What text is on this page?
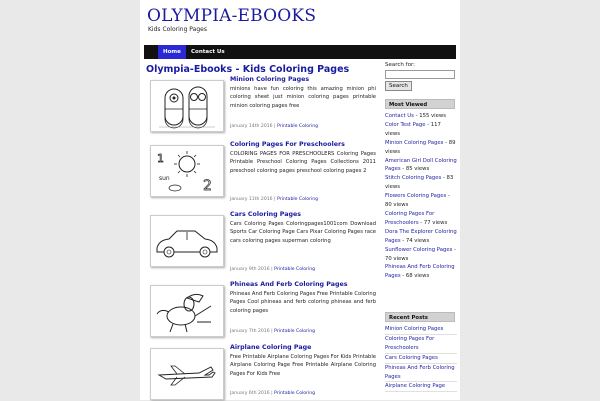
OLYMPIA-EBOOKS
Kids Coloring Pages
Home	Contact Us
Olympia-Ebooks - Kids Coloring Pages
Minion Coloring Pages
minions have fun coloring this amazing minion phi coloring sheet just minion coloring pages printable minion coloring pages free
January 14th 2016 | Printable Coloring
1
sun 2
Coloring Pages For Preschoolers
COLORING PAGES FOR PRESCHOOLERS Coloring Pages Printable Preschool Coloring Pages Collections 2011 preschool coloring pages preschool coloring pages 2
January 11th 2016 | Printable Coloring
Cars Coloring Pages
Cars Coloring Pages Coloringpages1001com Download Sports Car Coloring Page Cars Pixar Coloring Pages race cars coloring pages superman coloring
January 9th 2016 | Printable Coloring
Phineas And Ferb Coloring Pages
Phineas And Ferb Coloring Pages Free Printable Coloring Pages Cool phineas and ferb coloring phineas and ferb coloring pages
January 7th 2016 | Printable Coloring
Airplane Coloring Page
Free Printable Airplane Coloring Pages For Kids Printable Airplane Coloring Page Free Printable Airplane Coloring Pages For Kids Free
January 6th 2016 | Printable Coloring
Search for:
Search
Most Viewed
Contact Us - 155 views
Color Test Page - 117 views
Minion Coloring Pages - 89 views
American Girl Doll Coloring Pages - 85 views
Stitch Coloring Pages - 83 views
Flowers Coloring Pages - 80 views
Coloring Pages For Preschoolers - 77 views
Dora The Explorer Coloring Pages - 74 views
Sunflower Coloring Pages - 70 views
Phineas And Ferb Coloring Pages - 68 views
Recent Posts
Minion Coloring Pages
Coloring Pages For Preschoolers
Cars Coloring Pages
Phineas And Ferb Coloring Pages
Airplane Coloring Page
